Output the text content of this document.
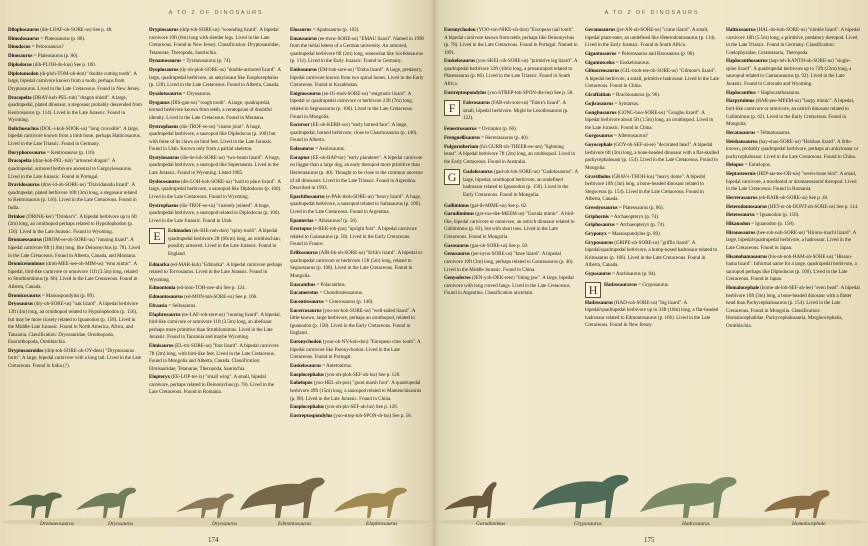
A TO Z OF DINOSAURS

Dilophosaurus (die-LOAF-oh-SORE-us) See p. 48.

Dimodosaurus = Plateosaurus (p. 86).

Dinodocus = Pelorosaurus?

Dinosaurus = Plateosaurus (p. 86).

Diplodocus (dih-PLOH-do-kus) See p. 100.

Diplotomodon (di-ploh-TOM-oh-don) "double cutting tooth". A large, bipedal carnivore known from a tooth, perhaps from Dryptosaurus. Lived in the Late Cretaceous. Found in New Jersey.

Dracopelta (DRAY-koh-PEL-tuh) "dragon shield". A large, quadrupedal, plated dinosaur, a stegosaur probably descended from Kentrosaurus (p. 114). Lived in the Late Jurassic. Found in Wyoming.

Dolichosuchus (DOL-i-koh-SOOK-us) "long crocodile". A large, bipedal carnivore known from a limb bone, perhaps Halticosaurus. Lived in the Late Triassic. Found in Germany.

Doryphorosaurus = Kentrosaurus (p. 116).

Dracopelta (dray-koh-PEL-tuh) "armored dragon". A quadrupedal, armored herbivore ancestral to Gargoyleosaurus. Lived in the Late Jurassic. Found in Portugal.

Dravidosaurus (drav-id-oh-SORE-us) "Dravidanadu lizard". A quadrupedal, plated herbivore 10ft (3m) long, a stegosaur related to Kentrosaurus (p. 116). Lived in the Late Cretaceous. Found in India.

Drinker (DRINK-ker) "Drinker's". A bipedal herbivore up to 6ft (2m) long, an ornithopod perhaps related to Hypsilophodon (p. 156). Lived in the Late Jurassic. Found in Wyoming.

Dromaeosaurus (DROM-ee-oh-SORE-us) "running lizard". A bipedal carnivore 6ft (1.8m) long, like Deinonychus (p. 78). Lived in the Late Cretaceous. Found in Alberta, Canada, and Montana.

Dromiceiomimus (droh-MEE-see-oh-MIM-us) "emu mimic". A bipedal, bird-like carnivore or omnivore 11ft (3.5m) long, related to Struthiomimus (p. 66). Lived in the Late Cretaceous. Found in Alberta, Canada.

Dromicosaurus = Massospondylus (p. 89).

Dryosaurus (dry-oh-SORE-us) "oak lizard". A bipedal herbivore 13ft (4m) long, an ornithopod related to Hypsilophodon (p. 156), but may be more closely related to Iguanodon (p. 158). Lived in the Middle-Late Jurassic. Found in North America, Africa, and Tanzania. Classification: Dryosauridae, Ornithopoda, Euornithopoda, Ornithischia.

Dryptosauroides (drip-toh-SORE-oh-OY-deez) "Dryptosaurus form". A large, bipedal carnivore with a long tail. Lived in the Late Cretaceous. Found in India (?).

Dryptosaurus (drip-toh-SORE-us) "wounding lizard". A bipedal carnivore 19ft (6m) long with slender legs. Lived in the Late Cretaceous. Found in New Jersey. Classification: Dryptosauridae, Tetanurae, Theropoda, Saurischia.

Dynamosaurus = Tyrannosaurus (p. 74).

Dyoplosaurus (dy-oh-ploh-SORE-us) "double-armored lizard". A large, quadrupedal herbivore, an ankylosaur like Euoplocephalus (p. 128). Lived in the Late Cretaceous. Found in Alberta, Canada.

Dysalotosaurus = Dryosaurus.

Dysganus (DIS-gan-us) "rough tooth". A large, quadrupedal, horned herbivore known from teeth, a ceratopsian of doubtful identity. Lived in the Late Cretaceous. Found in Montana.

Dystrophaeus (dis-TROF-ee-us) "coarse joint". A huge, quadrupedal herbivore, a sauropod like Diplodocus (p. 100) but with three of its claws on hind feet. Lived in the Late Jurassic. Found in Utah. Known only from a partial skeleton.

Dystylosaurus (dis-tie-loh-SORE-us) "two-beam lizard". A huge, quadrupedal herbivore, a sauropod like Supersaurus. Lived in the Late Jurassic. Found in Wyoming. Listed 1985.

Dyslocosaurus (dis-LOH-koh-SORE-us) "hard to place lizard". A large, quadrupedal herbivore, a sauropod like Diplodocus (p. 100). Lived in the Late Cretaceous. Found in Wyoming.

Dystrophaeus (dis-TROF-ee-us) "coarsely jointed". A huge, quadrupedal herbivore, a sauropod related to Diplodocus (p. 100). Lived in the Late Jurassic. Found in Utah.

E	Echinodon (ek-KIE-noh-don) "spiny tooth". A bipedal quadrupedal herbivore 2ft (60cm) long, an ornithischian, possibly armored. Lived in the Late Jurassic. Found in England.

Edmarka (ed-MAR-kuh) "Edmarka". A bipedal carnivore perhaps related to Torvosaurus. Lived in the Late Jurassic. Found in Wyoming.

Edmontonia (ed-mon-TOH-nee-uh) See p. 124.

Edmontosaurus (ed-MON-toh-SORE-us) See p. 166.

Efraasia = Sellosaurus.

Elaphrosaurus (ee-LAF-roh-sore-us) "running lizard". A bipedal, bird-like carnivore or omnivore 11ft (3.5m) long, an abelisaur perhaps more primitive than Struthiomimus. Lived in the Late Jurassic. Found in Tanzania and maybe Wyoming.

Elmisaurus (EL-mi-SORE-us) "foot lizard". A bipedal carnivore 7ft (2m) long, with bird-like feet. Lived in the Late Cretaceous. Found in Mongolia and Alberta, Canada. Classification: Elmisauridae, Tetanurae, Theropoda, Saurischia.

Elopteryx (EE-LOP-ter-ix) "small wing". A small, bipedal carnivore, perhaps related to Deinonychus (p. 78). Lived in the Late Cretaceous. Found in Romania.

Elosaurus = Apatosaurus (p. 102).

Emausaurus (ee-mow-SORE-us) "EMAU lizard". Named in 1990 from the initial letters of a German university. An armored, quadrupedal herbivore 6ft (2m) long, somewhat like Scelidosaurus (p. 112). Lived in the Early Jurassic. Found in Germany.

Embasaurus (EM-bah-sore-us) "Emba lizard". A large, predatory, bipedal carnivore known from two spinal bones. Lived in the Early Cretaceous. Found in Kazakhstan.

Enigmosaurus (en-IG-moh-SORE-us) "enigmatic lizard". A bipedal or quadrupedal carnivore or herbivore 23ft (7m) long, related to Segnosaurus (p. 108). Lived in the Late Cretaceous. Found in Mongolia.

Eocursor (EE-oh-KERR-sor) "early horned face". A large, quadrupedal, horned herbivore, close to Chasmosaurus (p. 146). Found in Alberta.

Eolosaurus = Aeolosaurus.

Eoraptor (EE-oh-RAP-tor) "early plunderer". A bipedal carnivore no bigger than a large dog, an early theropod more primitive than Herrerasaurus (p. 40). Thought to be close to the common ancestor of all dinosaurs. Lived in the Late Triassic. Found in Argentina. Described in 1993.

Epachthosaurus (e-PAK-thoh-SORE-us) "heavy lizard". A huge, quadrupedal herbivore, a sauropod related to Saltasaurus (p. 106). Lived in the Late Cretaceous. Found in Argentina.

Epanterias = Allosaurus? (p. 50).

Erectopus (e-REK-toh-pus) "upright foot". A bipedal carnivore related to Gasosaurus (p. 58). Lived in the Early Cretaceous. Found in France.

Erlikosaurus (AIR-lik-oh-SORE-us) "Erlik's lizard". A bipedal or quadrupedal carnivore or herbivore 15ft (5m) long, related to Segnosaurus (p. 108). Lived in the Late Cretaceous. Found in Mongolia.

Euacanthus = Polacanthus.

Eucamerotus = Chondrosteosaurus.

Eucentrosaurus = Centrosaurus (p. 140).

Eucercosaurus (yoo-ser-koh-SORE-us) "well-tailed lizard". A little-known, large herbivore, perhaps an ornithopod, related to Iguanodon (p. 158). Lived in the Early Cretaceous. Found in England.

Euronychodon (your-oh-NY-koh-don) "European claw tooth". A bipedal carnivore like Paronychodon. Lived in the Late Cretaceous. Found in Portugal.

Euskelosaurus = Antetonitrus.

Euoplocephalus (you-oh-ploh-SEF-ah-lus) See p. 128.

Euhelopus (yoo-HEL-oh-pus) "good marsh foot". A quadrupedal herbivore 49ft (15m) long, a sauropod related to Mamenchisaurus (p. 98). Lived in the Late Jurassic. Found in China.

Euoplocephalus (you-oh-plo-SEF-ah-lus) See p. 128.

Eustreptospondylus (yoo-strep-toh-SPON-di-lus) See p. 58.

Dromaeosaurus	Dryosaurus	Dryosaurus	Edmontosaurus	Elaphrosaurus
174
A TO Z OF DINOSAURS

Euronychodon (YOO-ron-NIKE-oh-don) "European nail tooth". A bipedal carnivore known from teeth, perhaps like Deinonychus (p. 78). Lived in the Late Cretaceous. Found in Portugal. Named in 1991.

Euskelosaurus (yoo-SKEL-oh-SORE-us) "primitive leg lizard". A quadrupedal herbivore 33ft (10m) long, a prosauropod related to Plateosaurus (p. 86). Lived in the Late Triassic. Found in South Africa.

Eustreptospondylus (yoo-STREP-toh-SPON-die-lus) See p. 58.

F	Fabrosaurus (FAB-roh-sore-us) "Fabre's lizard". A small, bipedal herbivore. Might be Lesothosaurus (p. 122).

Fenestrosaurus = Oviraptor (p. 66).

Frenguellisaurus = Herrerasaurus (p. 40).

Fulgurotherium (ful-GURR-oh-THEER-ee-um) "lightning beast". A bipedal herbivore 7ft (2m) long, an ornithopod. Lived in the Early Cretaceous. Found in Australia.

G	Gadolosaurus (gad-oh-loh-SORE-us) "Gadolosaurus". A large, bipedal, ornithopod herbivore, an undefined hadrosaur related to Iguanodon (p. 158). Lived in the Early Cretaceous. Found in Mongolia.

Gallimimus (gal-ih-MIME-us) See p. 62.

Garudimimus (gar-roo-dee-MEEM-us) "Garuda mimic". A bird-like, bipedal carnivore or omnivore, an ostrich dinosaur related to Gallimimus (p. 62), but with short toes. Lived in the Late Cretaceous. Found in Mongolia.

Gasosaurus (gas-oh-SORE-us) See p. 58.

Genusaurus (jee-nyoo-SORE-us) "knee lizard". A bipedal carnivore 10ft (3m) long, perhaps related to Ceratosaurus (p. 46). Lived in the Middle Jurassic. Found in China.

Genyodectes (JEN-yoh-DEK-teez) "biting jaw". A large, bipedal carnivore with long curved fangs. Lived in the Late Cretaceous. Found in Argentina. Classification uncertain.

Geranosaurus (jer-AN-oh-SORE-us) "crane lizard". A small, bipedal plant-eater, an undefined like Heterodontosaurus (p. 114). Lived in the Early Jurassic. Found in South Africa.

Gigantosaurus = Pelorosaurus and Barosaurus (p. 98).

Gigantoscelus = Euskelosaurus.

Gilmoreosaurus (GIL-moh-ree-oh-SORE-us) "Gilmore's lizard". A bipedal herbivore, a small, primitive hadrosaur. Lived in the Late Cretaceous. Found in China.

Giraffatitan = Brachiosaurus (p. 96).

Gojirasaurus = Syntarsus.

Gongbusaurus (GONG-boo-SORE-us) "Gongbu lizard". A bipedal herbivore about 5ft (1.5m) long, an ornithopod. Lived in the Late Jurassic. Found in China.

Gorgosaurus = Albertosaurus?

Goyocephale (GOY-oh-SEF-al-ee) "decorated head". A bipedal herbivore 6ft (2m) long, a bone-headed dinosaur with a flat-skulled pachycephalosaur (p. 154). Lived in the Late Cretaceous. Found in Mongolia.

Gravitholus (GRAV-i-THOH-lus) "heavy dome". A bipedal herbivore 10ft (3m) long, a bone-headed dinosaur related to Stegoceras (p. 154). Lived in the Late Cretaceous. Found in Alberta, Canada.

Gresslyosaurus = Plateosaurus (p. 86).

Griphornis = Archaeopteryx (p. 74).

Griphosaurus = Archaeopteryx (p. 74).

Gryponyx = Massospondylus (p. 89).

Gryposaurus (GRIPE-oh-SORE-us) "griffin lizard". A bipedal/quadrupedal herbivore, a hump-nosed hadrosaur related to Kritosaurus (p. 166). Lived in the Late Cretaceous. Found in Alberta, Canada.

Gyposaurus = Anchisaurus (p. 84).

H	Hadrosauravus = Gryposaurus.

Hadrosaurus (HAD-roh-SORE-us) "big lizard". A bipedal/quadrupedal herbivore up to 33ft (10m) long, a flat-headed hadrosaur related to Edmontosaurus (p. 166). Lived in the Late Cretaceous. Found in New Jersey.

Halticosaurus (HAL-tie-koh-SORE-us) "nimble lizard". A bipedal carnivore 18ft (5.5m) long, a primitive, predatory theropod. Lived in the Late Triassic. Found in Germany. Classification: Coelophysidae, Ceratosauria, Theropoda.

Haplocanthosaurus (hap-loh-KANTH-oh-SORE-us) "single-spine lizard". A quadrupedal herbivore up to 72ft (22m) long, a sauropod related to Camarasaurus (p. 92). Lived in the Late Jurassic. Found in Colorado and Wyoming.

Haplocanthus = Haplocanthosaurus.

Harpymimus (HAR-pee-MEEM-us) "harpy mimic". A bipedal, bird-like carnivore or omnivore, an ostrich dinosaur related to Gallimimus (p. 62). Lived in the Early Cretaceous. Found in Mongolia.

Hecatasaurus = Telmatosaurus.

Heishansaurus (hay-shan-SORE-us) "Heishan lizard". A little-known, probably quadrupedal herbivore, perhaps an ankylosaur or pachycephalosaur. Lived in the Late Cretaceous. Found in China.

Helopus = Euhelopus.

Heptasteornis (HEP-tas-tee-OR-nis) "seven-bone bird". A small, bipedal carnivore, a troodontid or dromaeosaurid theropod. Lived in the Late Cretaceous. Found in Romania.

Herrerasaurus (eh-RAIR-uh-SORE-us) See p. 40.

Heterodontosaurus (HET-er-oh-DONT-oh-SORE-us) See p. 114.

Heterosaurus = Iguanodon (p. 158).

Hikanodon = Iguanodon (p. 158).

Hironosaurus (hee-roh-noh-SORE-us) "Hirono-machi lizard". A large, bipedal/quadrupedal herbivore, a hadrosaur. Lived in the Late Cretaceous. Found in Japan.

Hisanohamasaurus (his-ah-noh-HAM-ah-SORE-us) "Hisano-hama lizard". Informal name for a large, quadrupedal herbivore, a sauropod perhaps like Diplodocus (p. 100). Lived in the Late Cretaceous. Found in Japan.

Homalocephale (home-ah-loh-SEF-ah-lee) "even head". A bipedal herbivore 10ft (3m) long, a bone-headed dinosaur with a flatter head than Pachycephalosaurus (p. 154). Lived in the Late Cretaceous. Found in Mongolia. Classification: Homalocephalidae, Pachycephalosauria, Marginocephalia, Ornithischia.

Garudimimus	Gryposaurus	Hadrosaurus	Homalocephale
175
